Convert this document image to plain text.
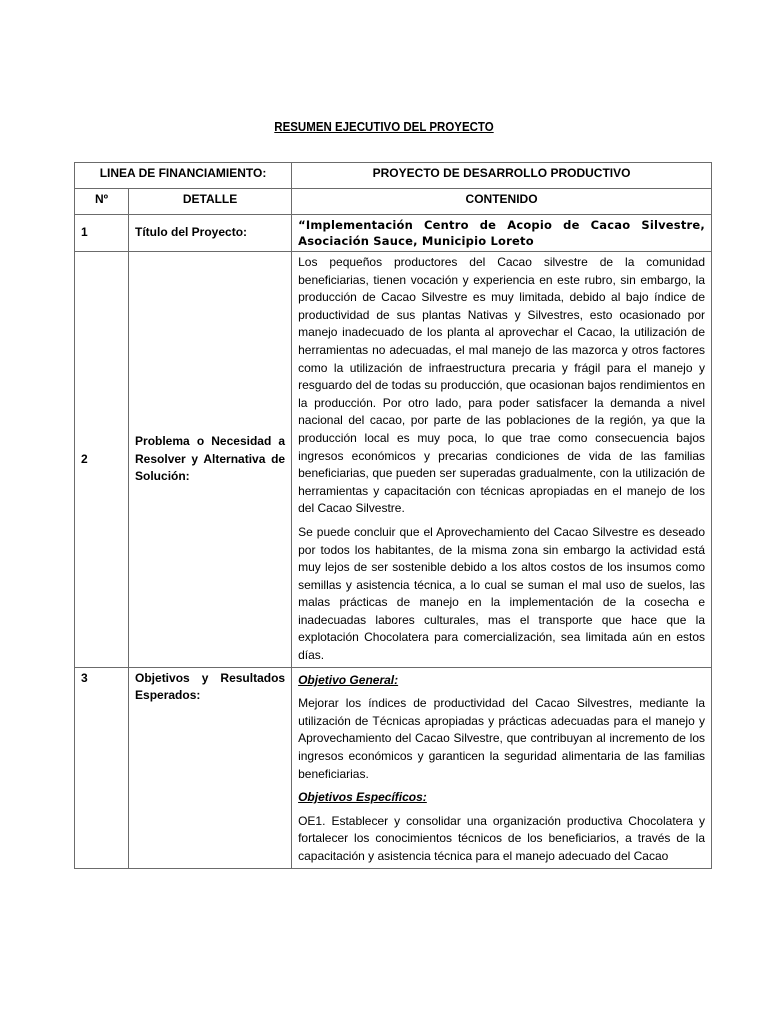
RESUMEN EJECUTIVO DEL PROYECTO
LINEA DE FINANCIAMIENTO:		PROYECTO DE DESARROLLO PRODUCTIVO
Nº	DETALLE	CONTENIDO
1	Título del Proyecto:	“Implementación Centro de Acopio de Cacao Silvestre, Asociación Sauce, Municipio Loreto

2	Problema o Necesidad a Resolver y Alternativa de Solución:	Los pequeños productores del Cacao silvestre de la comunidad beneficiarias, tienen vocación y experiencia en este rubro, sin embargo, la producción de Cacao Silvestre es muy limitada, debido al bajo índice de productividad de sus plantas Nativas y Silvestres, esto ocasionado por manejo inadecuado de los planta al aprovechar el Cacao, la utilización de herramientas no adecuadas, el mal manejo de las mazorca y otros factores como la utilización de infraestructura precaria y frágil para el manejo y resguardo del de todas su producción, que ocasionan bajos rendimientos en la producción. Por otro lado, para poder satisfacer la demanda a nivel nacional del cacao, por parte de las poblaciones de la región, ya que la producción local es muy poca, lo que trae como consecuencia bajos ingresos económicos y precarias condiciones de vida de las familias beneficiarias, que pueden ser superadas gradualmente, con la utilización de herramientas y capacitación con técnicas apropiadas en el manejo de los del Cacao Silvestre.

Se puede concluir que el Aprovechamiento del Cacao Silvestre es deseado por todos los habitantes, de la misma zona sin embargo la actividad está muy lejos de ser sostenible debido a los altos costos de los insumos como semillas y asistencia técnica, a lo cual se suman el mal uso de suelos, las malas prácticas de manejo en la implementación de la cosecha e inadecuadas labores culturales, mas el transporte que hace que la explotación Chocolatera para comercialización, sea limitada aún en estos días.

3	Objetivos y Resultados Esperados:	Objetivo General:

Mejorar los índices de productividad del Cacao Silvestres, mediante la utilización de Técnicas apropiadas y prácticas adecuadas para el manejo y Aprovechamiento del Cacao Silvestre, que contribuyan al incremento de los ingresos económicos y garanticen la seguridad alimentaria de las familias beneficiarias.

Objetivos Específicos:

OE1. Establecer y consolidar una organización productiva Chocolatera y fortalecer los conocimientos técnicos de los beneficiarios, a través de la capacitación y asistencia técnica para el manejo adecuado del Cacao
